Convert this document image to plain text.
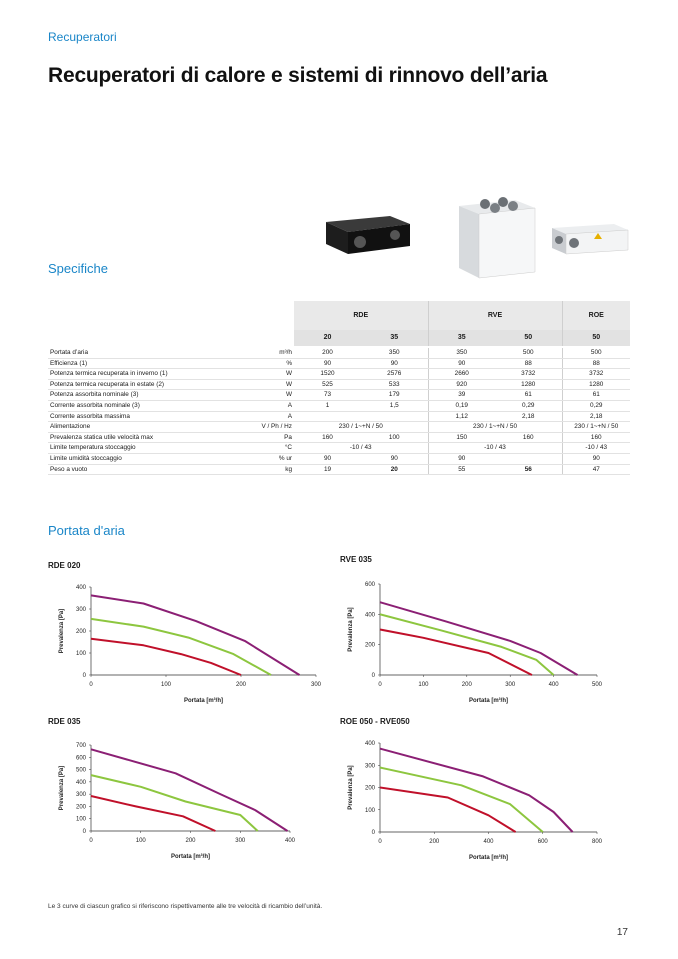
Recuperatori
Recuperatori di calore e sistemi di rinnovo dell’aria
Specifiche
		RDE		RVE		ROE
		20	35	35	50	50
Portata d’aria	m³/h	200	350	350	500	500
Efficienza (1)	%	90	90	90	88	88
Potenza termica recuperata in inverno (1)	W	1520	2576	2660	3732	3732
Potenza termica recuperata in estate (2)	W	525	533	920	1280	1280
Potenza assorbita nominale (3)	W	73	179	39	61	61
Corrente assorbita nominale (3)	A	1	1,5	0,19	0,29	0,29
Corrente assorbita massima	A			1,12	2,18	2,18
Alimentazione	V / Ph / Hz	230 / 1~+N / 50		230 / 1~+N / 50		230 / 1~+N / 50
Prevalenza statica utile velocità max	Pa	160	100	150	160	160
Limite temperatura stoccaggio	°C	-10 / 43		-10 / 43		-10 / 43
Limite umidità stoccaggio	% ur	90	90	90		90
Peso a vuoto	kg	19	20	55	56	47
Portata d'aria
RDE 020
RVE 035
RDE 035	ROE 050 - RVE050
0	100	200	300
0
100
200
300
400
Portata [m³/h]
Prevalenza [Pa]
0	100	200	300	400	500
0
200
400
600
Portata [m³/h]
Prevalenza [Pa]
0	100	200	300	400
0
100
200
300
400
500
600
700
Portata [m³/h]
Prevalenza [Pa]
0	200	400	600	800
0
100
200
300
400
Portata [m³/h]
Prevalenza [Pa]
Le 3 curve di ciascun grafico si riferiscono rispettivamente alle tre velocità di ricambio dell’unità.
17
